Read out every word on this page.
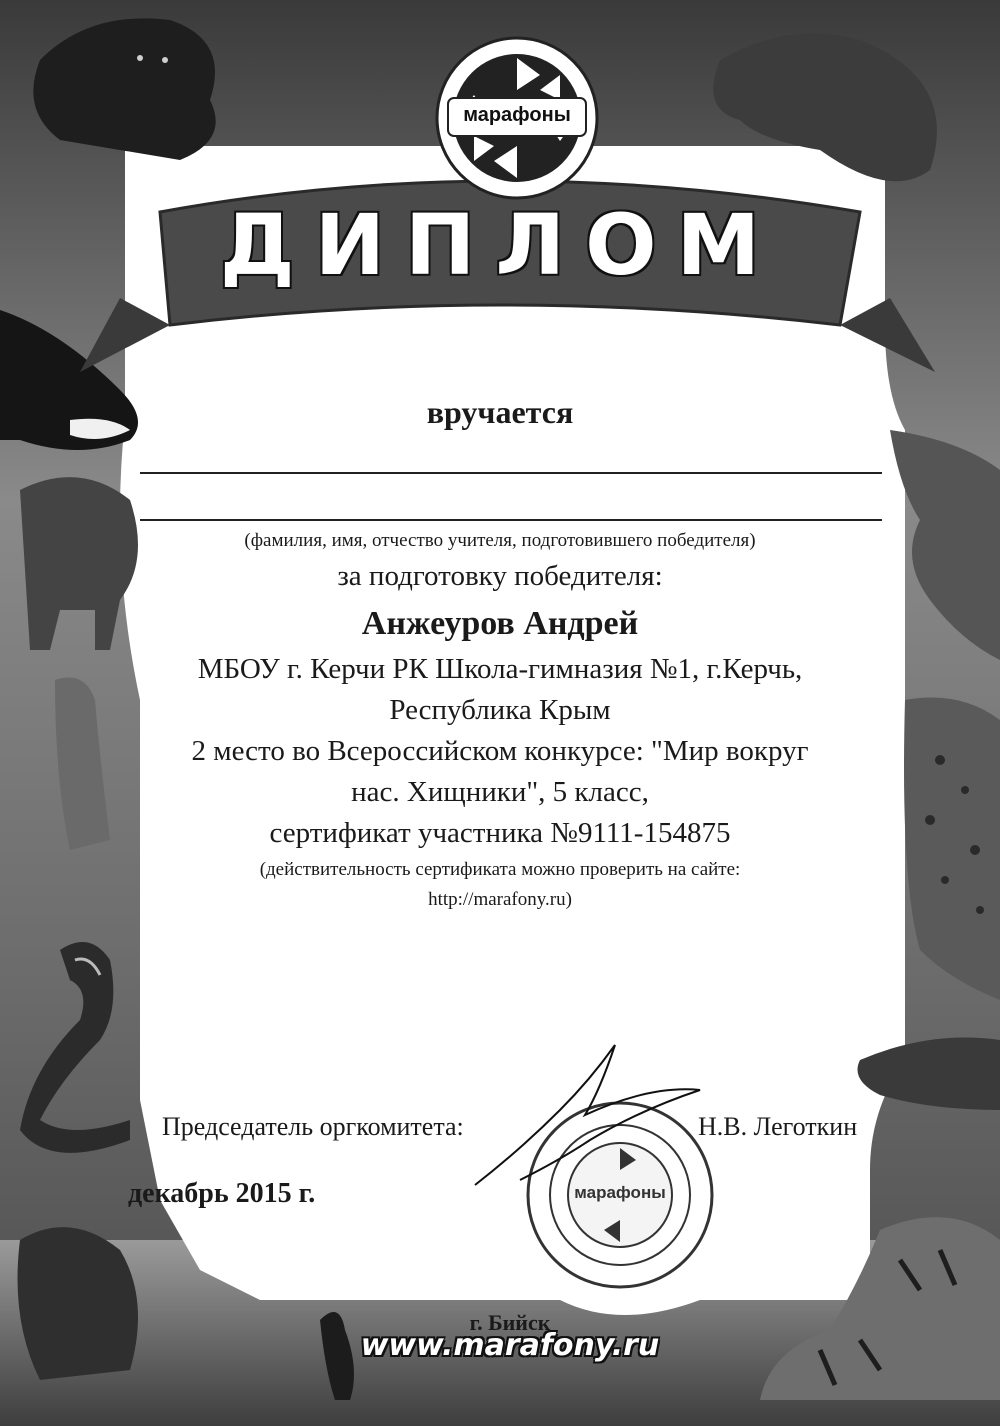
марафоны
ДИПЛОМ
вручается
(фамилия, имя, отчество учителя, подготовившего победителя)
за подготовку победителя:
Анжеуров Андрей
МБОУ г. Керчи РК Школа-гимназия №1, г.Керчь,
Республика Крым
2 место во Всероссийском конкурсе: "Мир вокруг
нас. Хищники", 5 класс,
сертификат участника №9111-154875
(действительность сертификата можно проверить на сайте:
http://marafony.ru)
Председатель оргкомитета:	Н.В. Леготкин
марафоны
декабрь 2015 г.
г. Бийск
www.marafony.ru
